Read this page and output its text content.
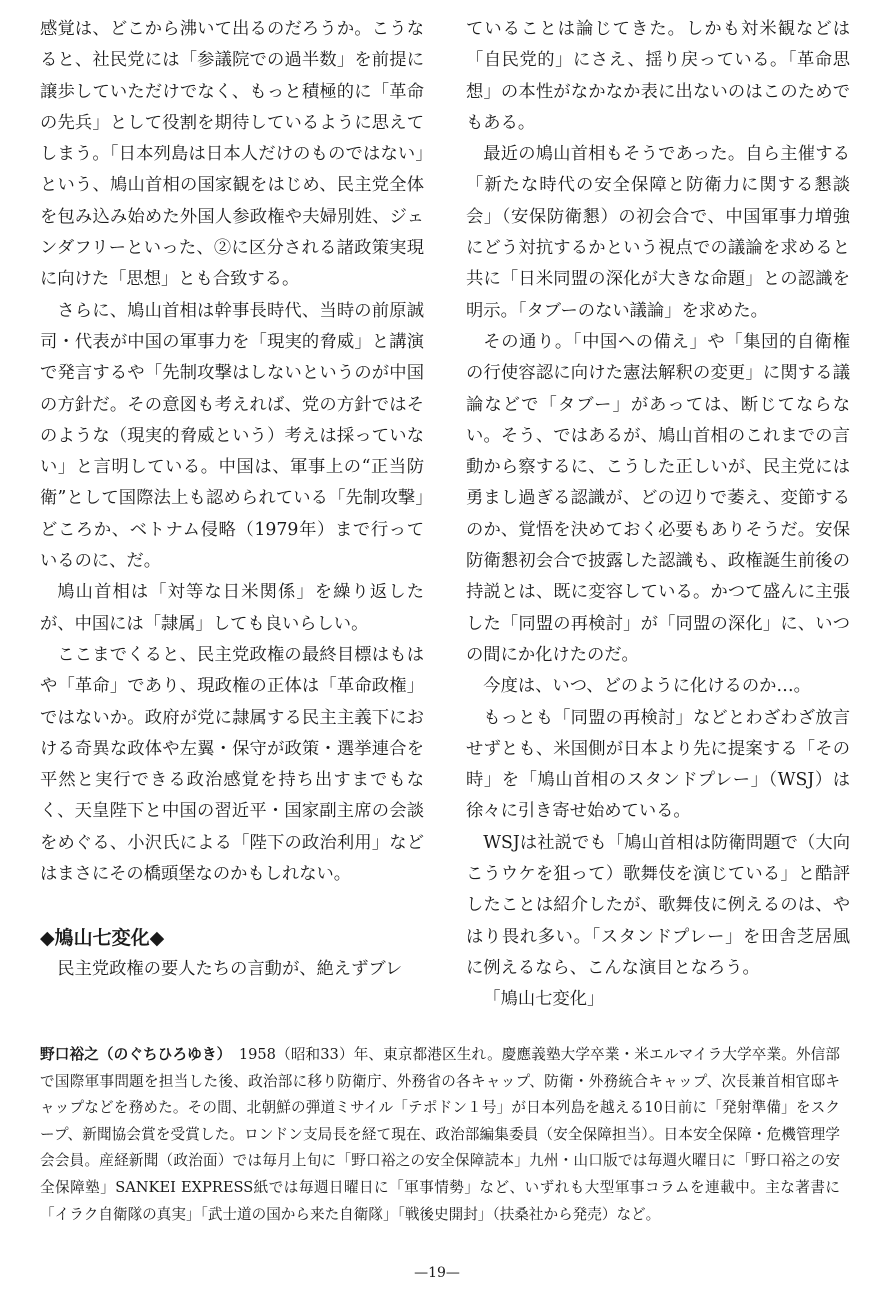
感覚は、どこから沸いて出るのだろうか。こうなると、社民党には「参議院での過半数」を前提に譲歩していただけでなく、もっと積極的に「革命の先兵」として役割を期待しているように思えてしまう。「日本列島は日本人だけのものではない」という、鳩山首相の国家観をはじめ、民主党全体を包み込み始めた外国人参政権や夫婦別姓、ジェンダフリーといった、②に区分される諸政策実現に向けた「思想」とも合致する。

さらに、鳩山首相は幹事長時代、当時の前原誠司・代表が中国の軍事力を「現実的脅威」と講演で発言するや「先制攻撃はしないというのが中国の方針だ。その意図も考えれば、党の方針ではそのような（現実的脅威という）考えは採っていない」と言明している。中国は、軍事上の“正当防衛”として国際法上も認められている「先制攻撃」どころか、ベトナム侵略（1979年）まで行っているのに、だ。

鳩山首相は「対等な日米関係」を繰り返したが、中国には「隷属」しても良いらしい。

ここまでくると、民主党政権の最終目標はもはや「革命」であり、現政権の正体は「革命政権」ではないか。政府が党に隷属する民主主義下における奇異な政体や左翼・保守が政策・選挙連合を平然と実行できる政治感覚を持ち出すまでもなく、天皇陛下と中国の習近平・国家副主席の会談をめぐる、小沢氏による「陛下の政治利用」などはまさにその橋頭堡なのかもしれない。

◆鳩山七変化◆

民主党政権の要人たちの言動が、絶えずブレ

ていることは論じてきた。しかも対米観などは「自民党的」にさえ、揺り戻っている。「革命思想」の本性がなかなか表に出ないのはこのためでもある。

最近の鳩山首相もそうであった。自ら主催する「新たな時代の安全保障と防衛力に関する懇談会」（安保防衛懇）の初会合で、中国軍事力増強にどう対抗するかという視点での議論を求めると共に「日米同盟の深化が大きな命題」との認識を明示。「タブーのない議論」を求めた。

その通り。「中国への備え」や「集団的自衛権の行使容認に向けた憲法解釈の変更」に関する議論などで「タブー」があっては、断じてならない。そう、ではあるが、鳩山首相のこれまでの言動から察するに、こうした正しいが、民主党には勇まし過ぎる認識が、どの辺りで萎え、変節するのか、覚悟を決めておく必要もありそうだ。安保防衛懇初会合で披露した認識も、政権誕生前後の持説とは、既に変容している。かつて盛んに主張した「同盟の再検討」が「同盟の深化」に、いつの間にか化けたのだ。

今度は、いつ、どのように化けるのか…。

もっとも「同盟の再検討」などとわざわざ放言せずとも、米国側が日本より先に提案する「その時」を「鳩山首相のスタンドプレー」（WSJ）は徐々に引き寄せ始めている。

WSJは社説でも「鳩山首相は防衛問題で（大向こうウケを狙って）歌舞伎を演じている」と酷評したことは紹介したが、歌舞伎に例えるのは、やはり畏れ多い。「スタンドプレー」を田舎芝居風に例えるなら、こんな演目となろう。

「鳩山七変化」

野口裕之（のぐちひろゆき）　1958（昭和33）年、東京都港区生れ。慶應義塾大学卒業・米エルマイラ大学卒業。外信部で国際軍事問題を担当した後、政治部に移り防衛庁、外務省の各キャップ、防衛・外務統合キャップ、次長兼首相官邸キャップなどを務めた。その間、北朝鮮の弾道ミサイル「テポドン１号」が日本列島を越える10日前に「発射準備」をスクープ、新聞協会賞を受賞した。ロンドン支局長を経て現在、政治部編集委員（安全保障担当）。日本安全保障・危機管理学会会員。産経新聞（政治面）では毎月上旬に「野口裕之の安全保障読本」九州・山口版では毎週火曜日に「野口裕之の安全保障塾」SANKEI EXPRESS紙では毎週日曜日に「軍事情勢」など、いずれも大型軍事コラムを連載中。主な著書に「イラク自衛隊の真実」「武士道の国から来た自衛隊」「戦後史開封」（扶桑社から発売）など。

—19—
